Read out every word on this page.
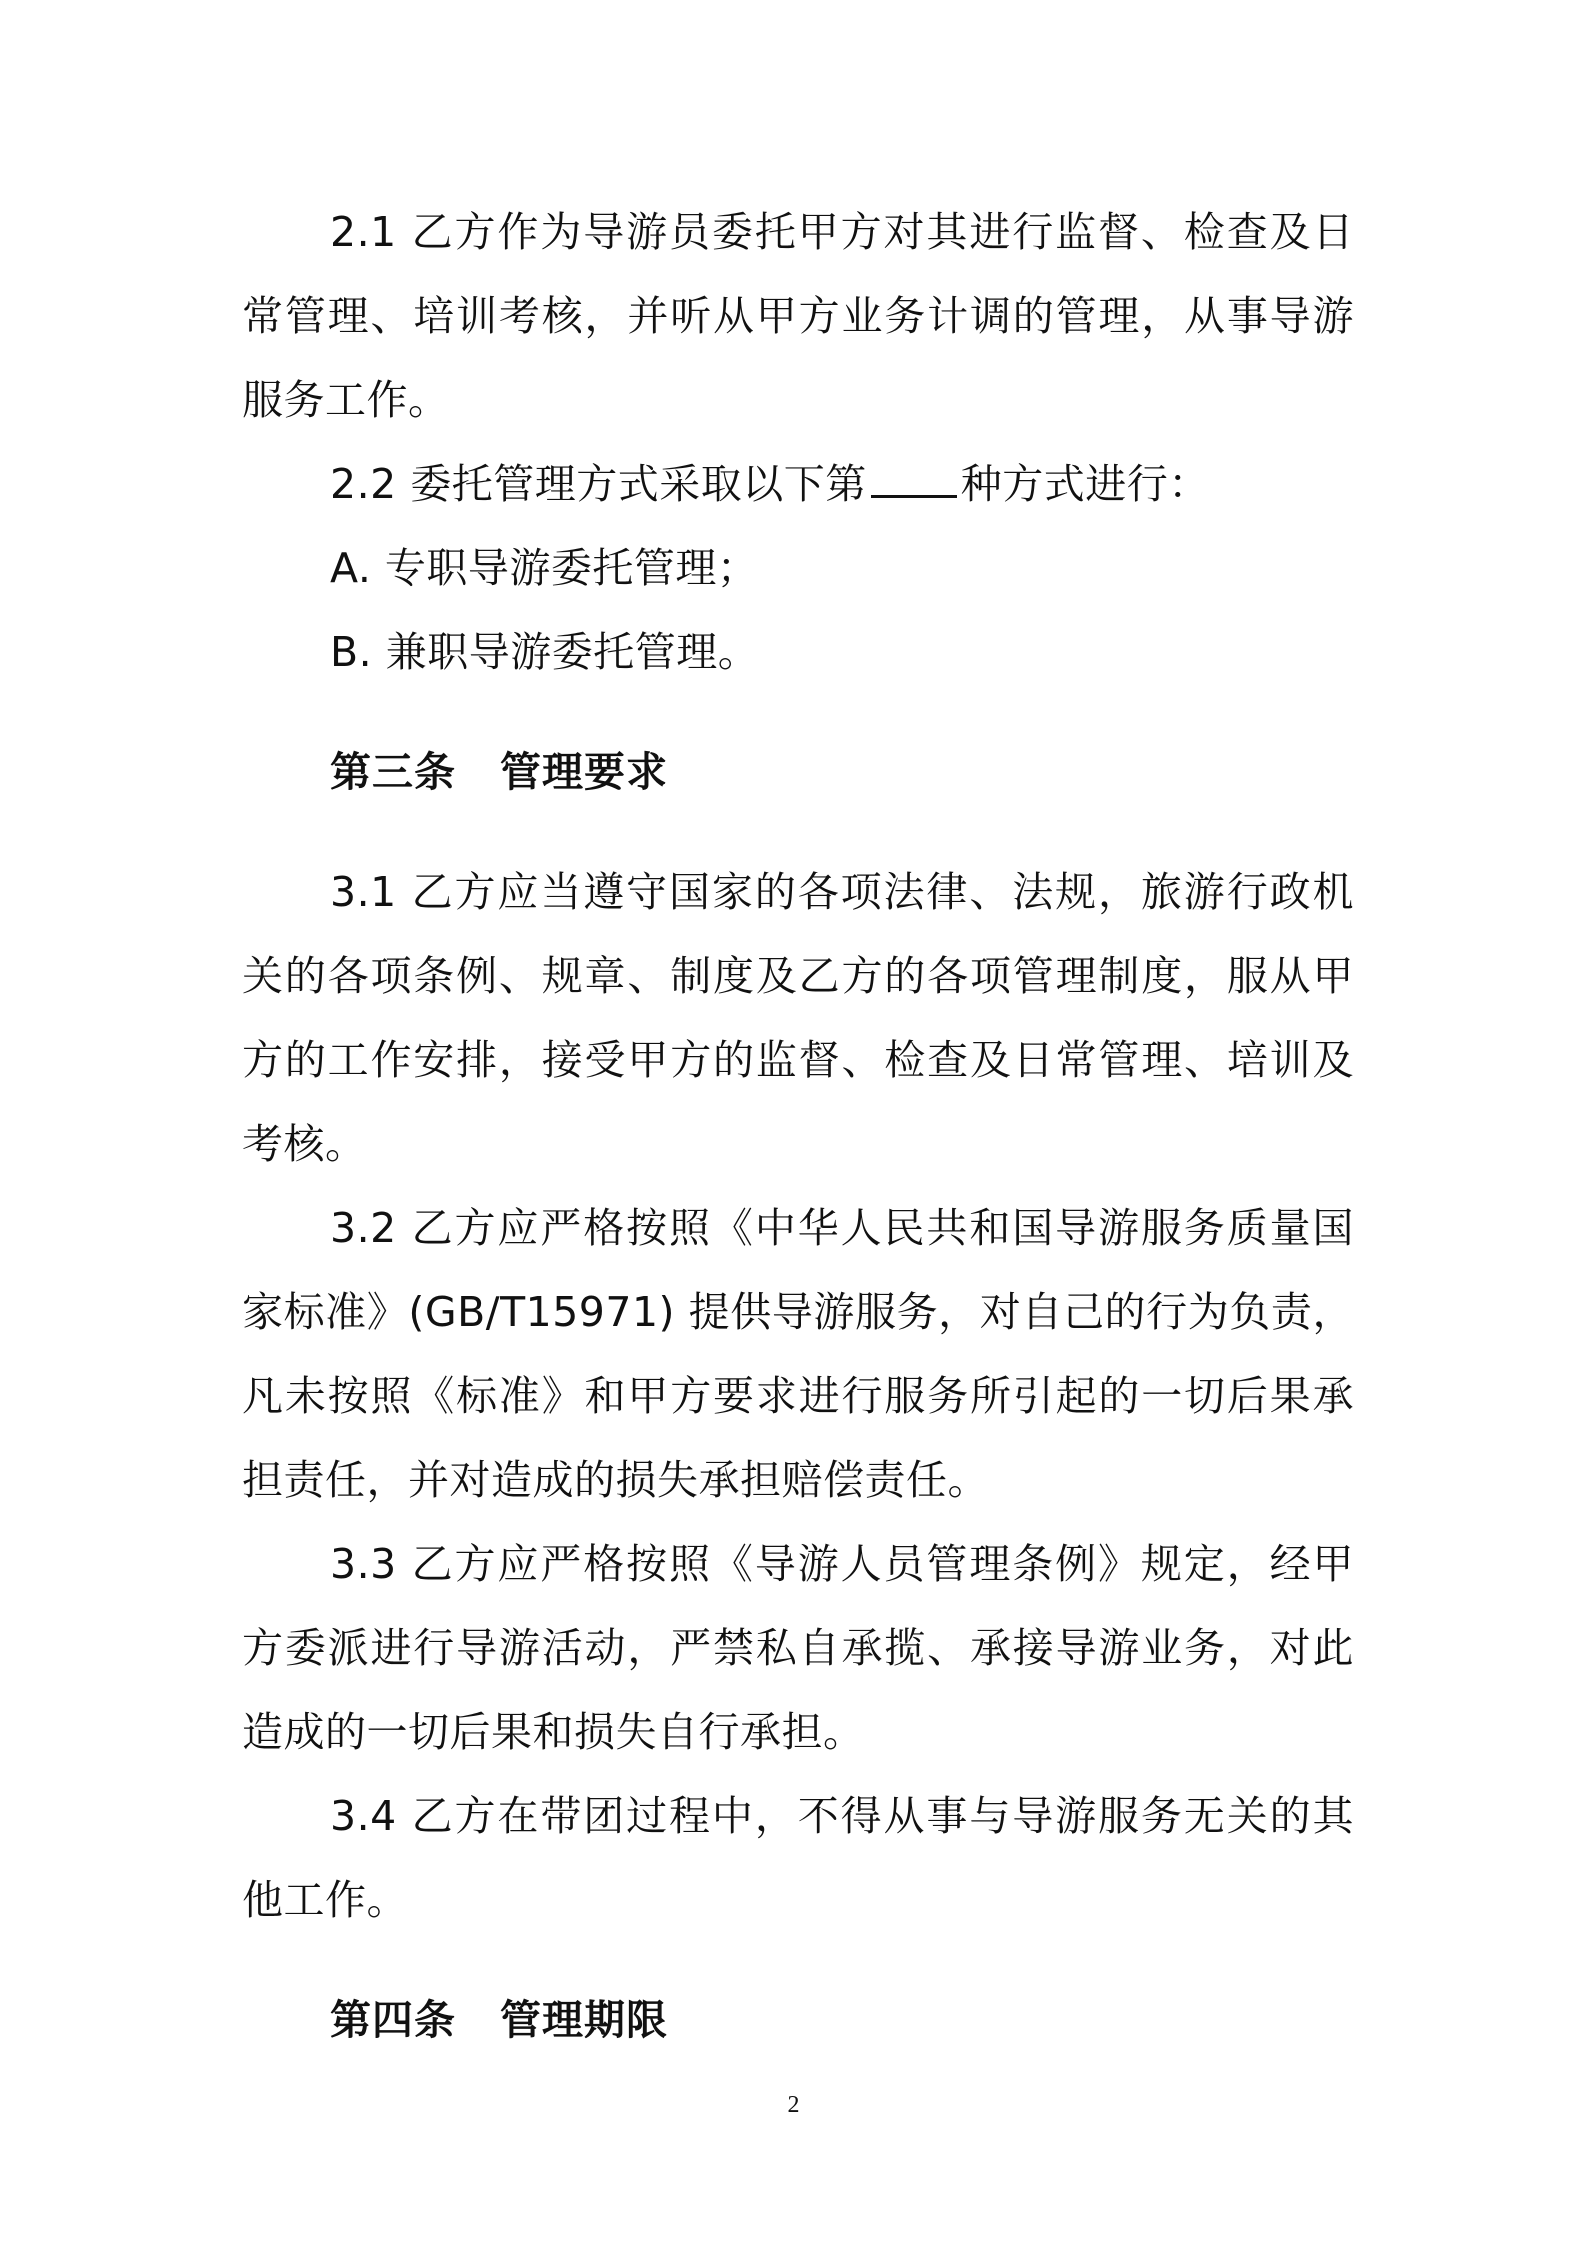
2.1 乙方作为导游员委托甲方对其进行监督、检查及日常管理、培训考核，并听从甲方业务计调的管理，从事导游服务工作。

2.2 委托管理方式采取以下第 种方式进行：

A. 专职导游委托管理；

B. 兼职导游委托管理。

第三条 管理要求

3.1 乙方应当遵守国家的各项法律、法规，旅游行政机关的各项条例、规章、制度及乙方的各项管理制度，服从甲方的工作安排，接受甲方的监督、检查及日常管理、培训及考核。

3.2 乙方应严格按照《中华人民共和国导游服务质量国家标准》(GB/T15971) 提供导游服务，对自己的行为负责，凡未按照《标准》和甲方要求进行服务所引起的一切后果承担责任，并对造成的损失承担赔偿责任。

3.3 乙方应严格按照《导游人员管理条例》规定，经甲方委派进行导游活动，严禁私自承揽、承接导游业务，对此造成的一切后果和损失自行承担。

3.4 乙方在带团过程中，不得从事与导游服务无关的其他工作。

第四条 管理期限

2
